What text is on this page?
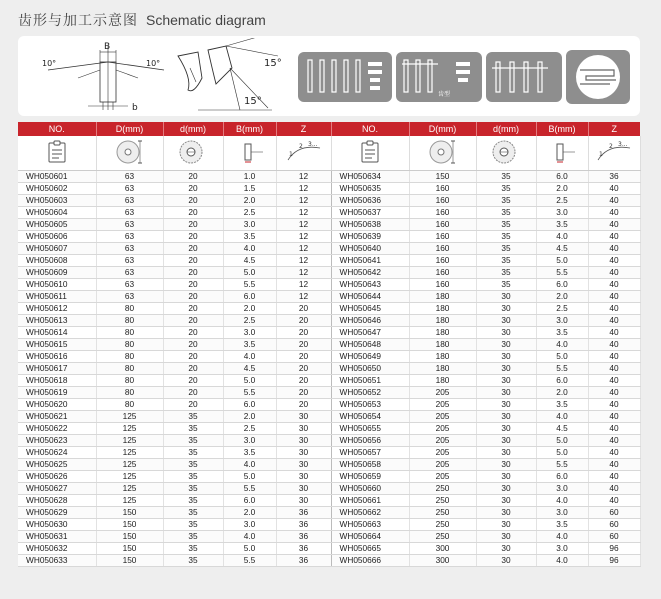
齿形与加工示意图 Schematic diagram
10°	10°
B
b
15°
15°
齿型
NO.	D(mm)	d(mm)	B(mm)	Z	NO.	D(mm)	d(mm)	B(mm)	Z

1
2 3...					1
2 3...

WH050601	63	20	1.0	12	WH050634	150	35	6.0	36
WH050602	63	20	1.5	12	WH050635	160	35	2.0	40
WH050603	63	20	2.0	12	WH050636	160	35	2.5	40
WH050604	63	20	2.5	12	WH050637	160	35	3.0	40
WH050605	63	20	3.0	12	WH050638	160	35	3.5	40
WH050606	63	20	3.5	12	WH050639	160	35	4.0	40
WH050607	63	20	4.0	12	WH050640	160	35	4.5	40
WH050608	63	20	4.5	12	WH050641	160	35	5.0	40
WH050609	63	20	5.0	12	WH050642	160	35	5.5	40
WH050610	63	20	5.5	12	WH050643	160	35	6.0	40
WH050611	63	20	6.0	12	WH050644	180	30	2.0	40
WH050612	80	20	2.0	20	WH050645	180	30	2.5	40
WH050613	80	20	2.5	20	WH050646	180	30	3.0	40
WH050614	80	20	3.0	20	WH050647	180	30	3.5	40
WH050615	80	20	3.5	20	WH050648	180	30	4.0	40
WH050616	80	20	4.0	20	WH050649	180	30	5.0	40
WH050617	80	20	4.5	20	WH050650	180	30	5.5	40
WH050618	80	20	5.0	20	WH050651	180	30	6.0	40
WH050619	80	20	5.5	20	WH050652	205	30	2.0	40
WH050620	80	20	6.0	20	WH050653	205	30	3.5	40
WH050621	125	35	2.0	30	WH050654	205	30	4.0	40
WH050622	125	35	2.5	30	WH050655	205	30	4.5	40
WH050623	125	35	3.0	30	WH050656	205	30	5.0	40
WH050624	125	35	3.5	30	WH050657	205	30	5.0	40
WH050625	125	35	4.0	30	WH050658	205	30	5.5	40
WH050626	125	35	5.0	30	WH050659	205	30	6.0	40
WH050627	125	35	5.5	30	WH050660	250	30	3.0	40
WH050628	125	35	6.0	30	WH050661	250	30	4.0	40
WH050629	150	35	2.0	36	WH050662	250	30	3.0	60
WH050630	150	35	3.0	36	WH050663	250	30	3.5	60
WH050631	150	35	4.0	36	WH050664	250	30	4.0	60
WH050632	150	35	5.0	36	WH050665	300	30	3.0	96
WH050633	150	35	5.5	36	WH050666	300	30	4.0	96
